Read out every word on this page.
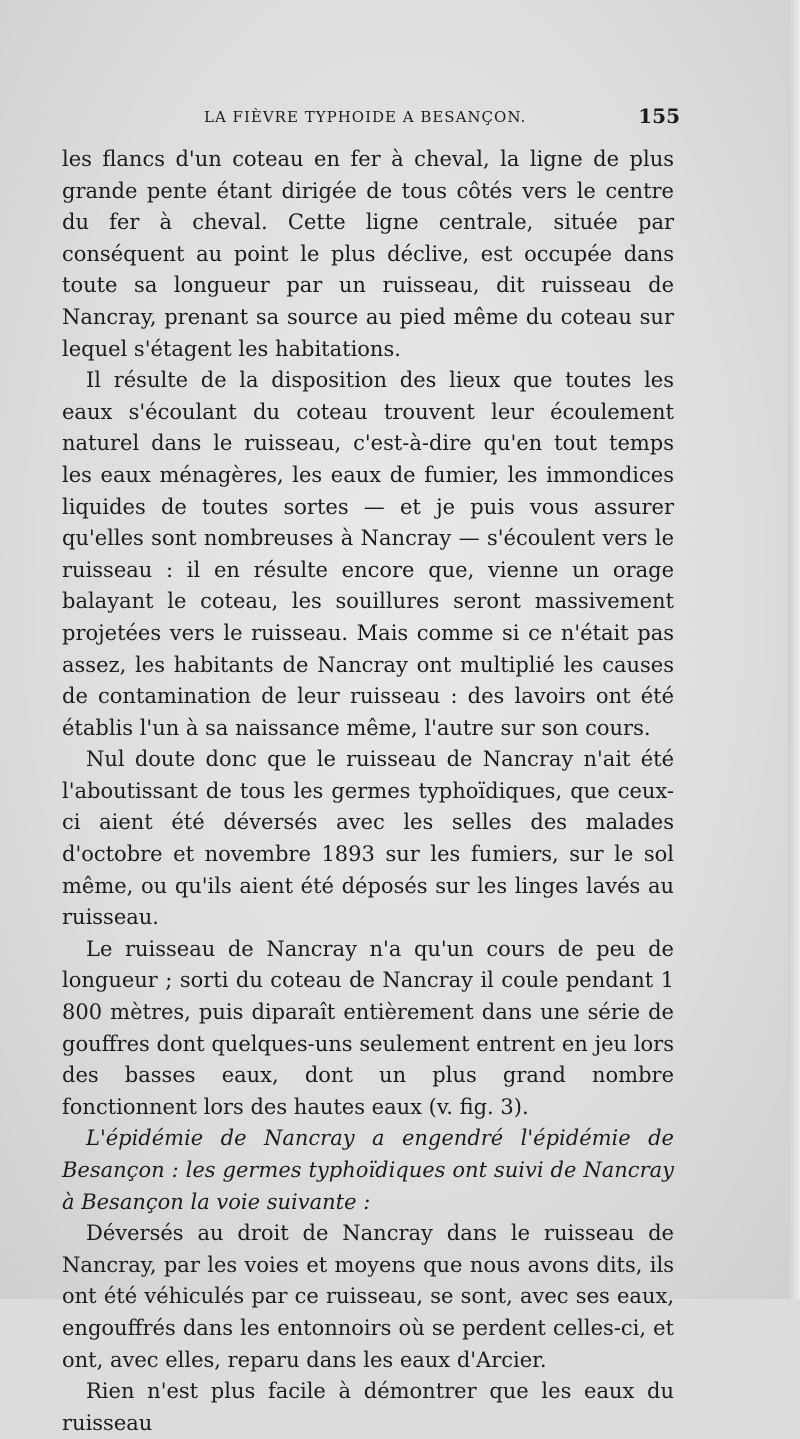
LA FIÈVRE TYPHOIDE A BESANÇON.	155

les flancs d'un coteau en fer à cheval, la ligne de plus grande pente étant dirigée de tous côtés vers le centre du fer à cheval. Cette ligne centrale, située par conséquent au point le plus déclive, est occupée dans toute sa longueur par un ruisseau, dit ruisseau de Nancray, prenant sa source au pied même du coteau sur lequel s'étagent les habitations.

Il résulte de la disposition des lieux que toutes les eaux s'écoulant du coteau trouvent leur écoulement naturel dans le ruisseau, c'est-à-dire qu'en tout temps les eaux ménagères, les eaux de fumier, les immondices liquides de toutes sortes — et je puis vous assurer qu'elles sont nombreuses à Nancray — s'écoulent vers le ruisseau : il en résulte encore que, vienne un orage balayant le coteau, les souillures seront massivement projetées vers le ruisseau. Mais comme si ce n'était pas assez, les habitants de Nancray ont multiplié les causes de contamination de leur ruisseau : des lavoirs ont été établis l'un à sa naissance même, l'autre sur son cours.

Nul doute donc que le ruisseau de Nancray n'ait été l'aboutissant de tous les germes typhoïdiques, que ceux-ci aient été déversés avec les selles des malades d'octobre et novembre 1893 sur les fumiers, sur le sol même, ou qu'ils aient été déposés sur les linges lavés au ruisseau.

Le ruisseau de Nancray n'a qu'un cours de peu de longueur ; sorti du coteau de Nancray il coule pendant 1 800 mètres, puis diparaît entièrement dans une série de gouffres dont quelques-uns seulement entrent en jeu lors des basses eaux, dont un plus grand nombre fonctionnent lors des hautes eaux (v. fig. 3).

L'épidémie de Nancray a engendré l'épidémie de Besançon : les germes typhoïdiques ont suivi de Nancray à Besançon la voie suivante :

Déversés au droit de Nancray dans le ruisseau de Nancray, par les voies et moyens que nous avons dits, ils ont été véhiculés par ce ruisseau, se sont, avec ses eaux, engouffrés dans les entonnoirs où se perdent celles-ci, et ont, avec elles, reparu dans les eaux d'Arcier.

Rien n'est plus facile à démontrer que les eaux du ruisseau
